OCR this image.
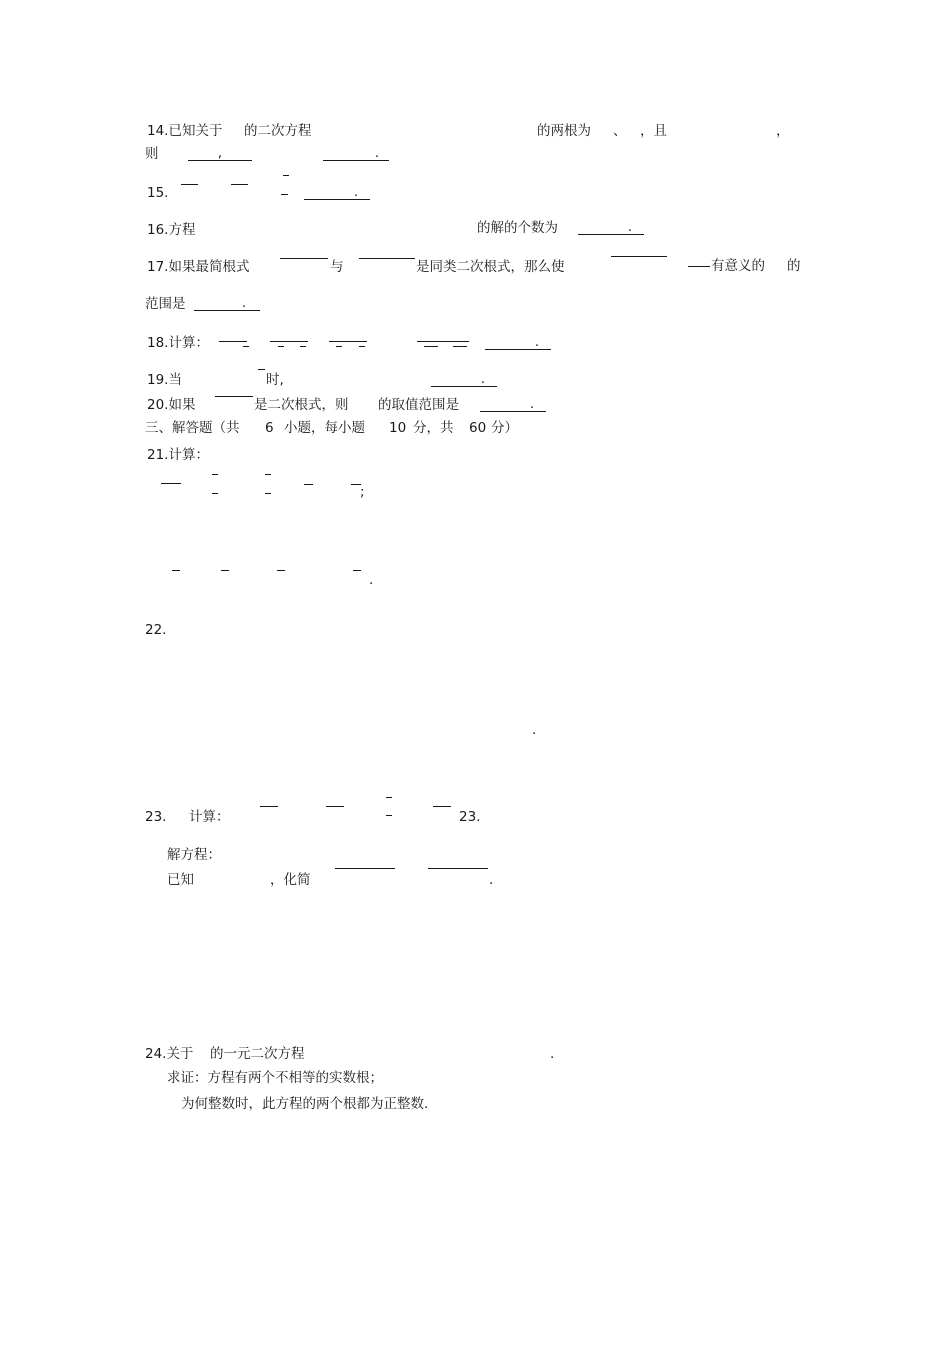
14.已知关于 的二次方程	的两根为 、 ，且	，
则	,	.
15.	.
16.方程	的解的个数为	.
17.如果最简根式	与	是同类二次根式，那么使	有意义的 的
范围是	.
18.计算：	.
19.当	时,	.
20.如果	是二次根式，则 的取值范围是	.
三、解答题（共 6 小题，每小题 10 分，共 60 分）
21.计算：
;
.
22.
.
23. 计算：	23.
解方程：
已知	，化简	.
24.关于 的一元二次方程	.
求证：方程有两个不相等的实数根；
为何整数时，此方程的两个根都为正整数.
